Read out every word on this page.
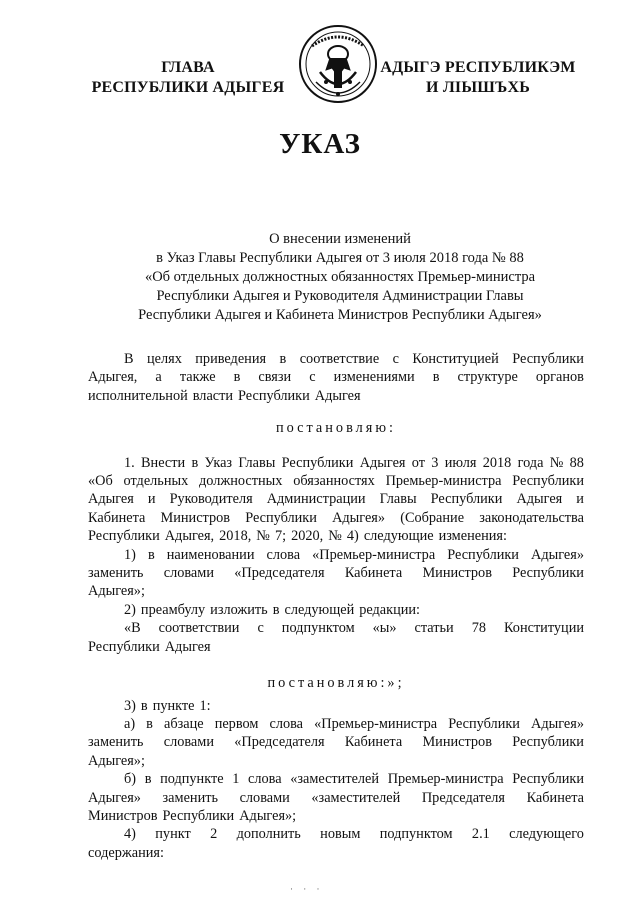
ГЛАВА
РЕСПУБЛИКИ АДЫГЕЯ
АДЫГЭ РЕСПУБЛИКЭМ
И ЛІЫШЪХЬ
УКАЗ
О внесении изменений
в Указ Главы Республики Адыгея от 3 июля 2018 года № 88
«Об отдельных должностных обязанностях Премьер-министра
Республики Адыгея и Руководителя Администрации Главы
Республики Адыгея и Кабинета Министров Республики Адыгея»
В целях приведения в соответствие с Конституцией Республики
Адыгея, а также в связи с изменениями в структуре органов
исполнительной власти Республики Адыгея
постановляю:
1. Внести в Указ Главы Республики Адыгея от 3 июля 2018 года № 88
«Об отдельных должностных обязанностях Премьер-министра Республики
Адыгея и Руководителя Администрации Главы Республики Адыгея и
Кабинета Министров Республики Адыгея» (Собрание законодательства
Республики Адыгея, 2018, № 7; 2020, № 4) следующие изменения:
1) в наименовании слова «Премьер-министра Республики Адыгея»
заменить словами «Председателя Кабинета Министров Республики
Адыгея»;
2) преамбулу изложить в следующей редакции:
«В соответствии с подпунктом «ы» статьи 78 Конституции
Республики Адыгея
постановляю:»;
3) в пункте 1:
а) в абзаце первом слова «Премьер-министра Республики Адыгея»
заменить словами «Председателя Кабинета Министров Республики
Адыгея»;
б) в подпункте 1 слова «заместителей Премьер-министра Республики
Адыгея» заменить словами «заместителей Председателя Кабинета
Министров Республики Адыгея»;
4) пункт 2 дополнить новым подпунктом 2.1 следующего
содержания:
· · ·
